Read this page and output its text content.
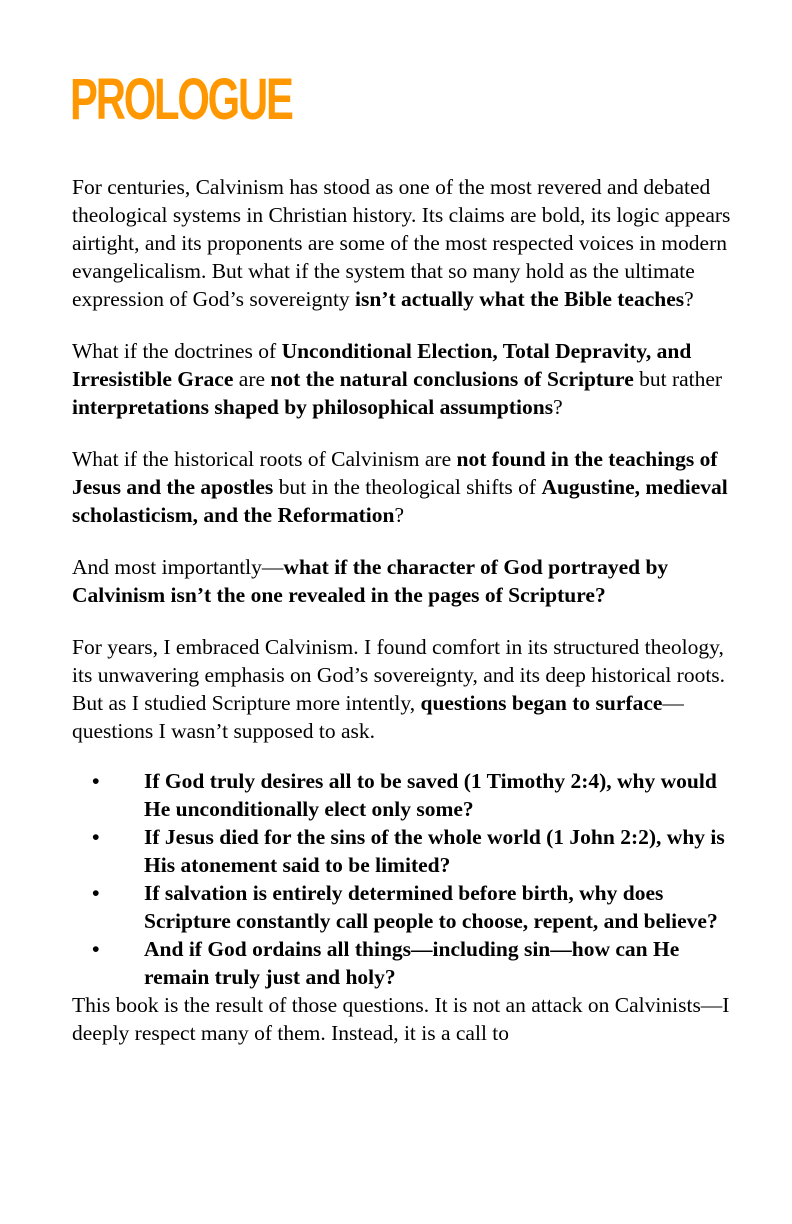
PROLOGUE

For centuries, Calvinism has stood as one of the most revered and debated theological systems in Christian history. Its claims are bold, its logic appears airtight, and its proponents are some of the most respected voices in modern evangelicalism. But what if the system that so many hold as the ultimate expression of God’s sovereignty isn’t actually what the Bible teaches?

What if the doctrines of Unconditional Election, Total Depravity, and Irresistible Grace are not the natural conclusions of Scripture but rather interpretations shaped by philosophical assumptions?

What if the historical roots of Calvinism are not found in the teachings of Jesus and the apostles but in the theological shifts of Augustine, medieval scholasticism, and the Reformation?

And most importantly—what if the character of God portrayed by Calvinism isn’t the one revealed in the pages of Scripture?

For years, I embraced Calvinism. I found comfort in its structured theology, its unwavering emphasis on God’s sovereignty, and its deep historical roots. But as I studied Scripture more intently, questions began to surface—questions I wasn’t supposed to ask.

• If God truly desires all to be saved (1 Timothy 2:4), why would He unconditionally elect only some?
• If Jesus died for the sins of the whole world (1 John 2:2), why is His atonement said to be limited?
• If salvation is entirely determined before birth, why does Scripture constantly call people to choose, repent, and believe?
• And if God ordains all things—including sin—how can He remain truly just and holy?

This book is the result of those questions. It is not an attack on Calvinists—I deeply respect many of them. Instead, it is a call to
